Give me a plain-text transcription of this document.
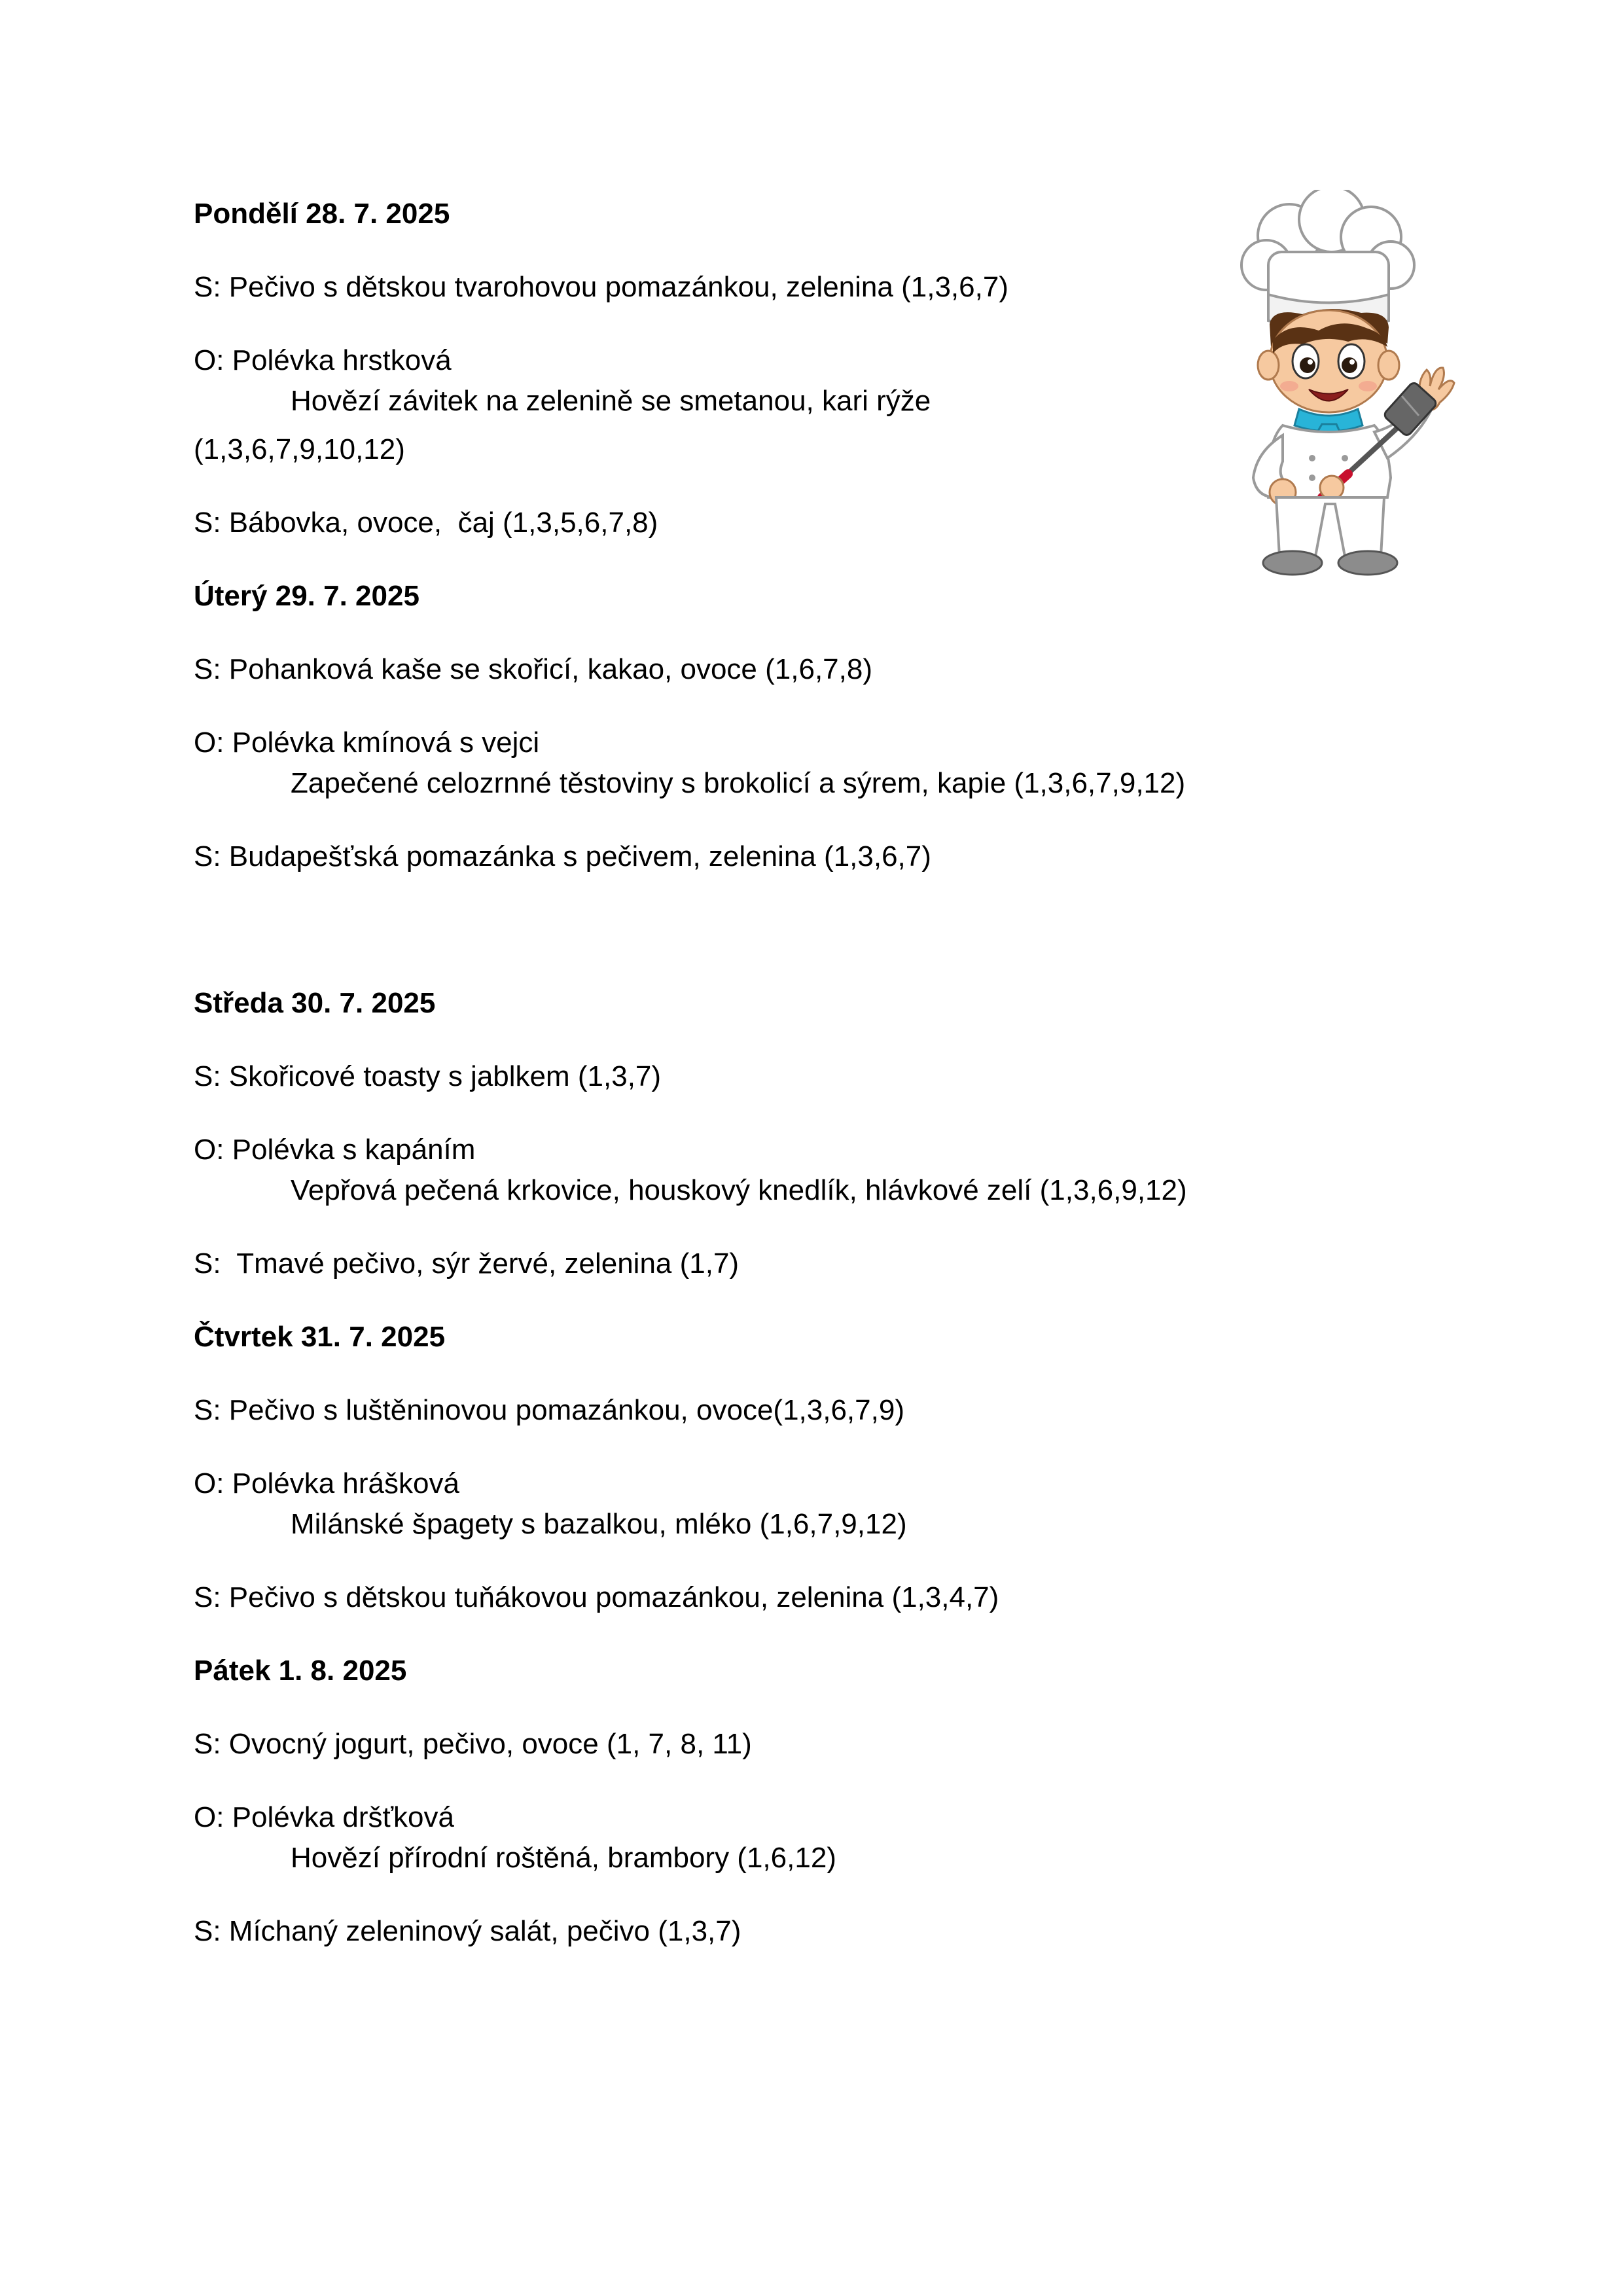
Pondělí 28. 7. 2025

S: Pečivo s dětskou tvarohovou pomazánkou, zelenina (1,3,6,7)

O: Polévka hrstková

Hovězí závitek na zelenině se smetanou, kari rýže
(1,3,6,7,9,10,12)

S: Bábovka, ovoce,  čaj (1,3,5,6,7,8)

Úterý 29. 7. 2025

S: Pohanková kaše se skořicí, kakao, ovoce (1,6,7,8)

O: Polévka kmínová s vejci

Zapečené celozrnné těstoviny s brokolicí a sýrem, kapie (1,3,6,7,9,12)

S: Budapešťská pomazánka s pečivem, zelenina (1,3,6,7)

Středa 30. 7. 2025

S: Skořicové toasty s jablkem (1,3,7)

O: Polévka s kapáním

Vepřová pečená krkovice, houskový knedlík, hlávkové zelí (1,3,6,9,12)

S:  Tmavé pečivo, sýr žervé, zelenina (1,7)

Čtvrtek 31. 7. 2025

S: Pečivo s luštěninovou pomazánkou, ovoce(1,3,6,7,9)

O: Polévka hrášková

Milánské špagety s bazalkou, mléko (1,6,7,9,12)

S: Pečivo s dětskou tuňákovou pomazánkou, zelenina (1,3,4,7)

Pátek 1. 8. 2025

S: Ovocný jogurt, pečivo, ovoce (1, 7, 8, 11)

O: Polévka dršťková

Hovězí přírodní roštěná, brambory (1,6,12)

S: Míchaný zeleninový salát, pečivo (1,3,7)
